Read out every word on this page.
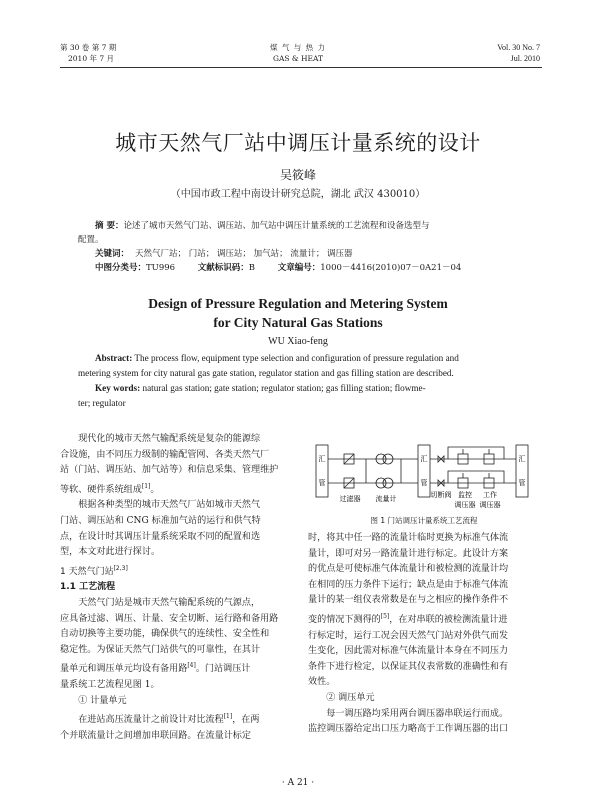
第 30 卷 第 7 期
2010 年 7 月
煤 气 与 热 力
GAS & HEAT
Vol. 30 No. 7
Jul. 2010
城市天然气厂站中调压计量系统的设计
吴筱峰
（中国市政工程中南设计研究总院，湖北 武汉 430010）
摘 要：论述了城市天然气门站、调压站、加气站中调压计量系统的工艺流程和设备选型与
配置。
关键词： 天然气厂站； 门站； 调压站； 加气站； 流量计； 调压器
中图分类号：TU996	文献标识码：B	文章编号：1000－4416(2010)07－0A21－04
Design of Pressure Regulation and Metering System
for City Natural Gas Stations
WU Xiao-feng
Abstract: The process flow, equipment type selection and configuration of pressure regulation and
metering system for city natural gas gate station, regulator station and gas filling station are described.
Key words: natural gas station; gate station; regulator station; gas filling station; flowme-
ter; regulator

现代化的城市天然气输配系统是复杂的能源综
合设施，由不同压力级制的输配管网、各类天然气厂
站（门站、调压站、加气站等）和信息采集、管理维护
等软、硬件系统组成[1]。

根据各种类型的城市天然气厂站如城市天然气
门站、调压站和 CNG 标准加气站的运行和供气特
点，在设计时其调压计量系统采取不同的配置和选
型，本文对此进行探讨。

1 天然气门站[2,3]

1.1 工艺流程

天然气门站是城市天然气输配系统的气源点，
应具备过滤、调压、计量、安全切断、运行路和备用路
自动切换等主要功能，确保供气的连续性、安全性和
稳定性。为保证天然气门站供气的可靠性，在其计
量单元和调压单元均设有备用路[4]。门站调压计
量系统工艺流程见图 1。

① 计量单元

在进站高压流量计之前设计对比流程[1]，在两
个并联流量计之间增加串联回路。在流量计标定

汇
管
汇
管
汇
管
过滤器 流量计	切断阀 监控
调压器
工作
调压器
图 1 门站调压计量系统工艺流程

时，将其中任一路的流量计临时更换为标准气体流
量计，即可对另一路流量计进行标定。此设计方案
的优点是可使标准气体流量计和被检测的流量计均
在相同的压力条件下运行；缺点是由于标准气体流
量计的某一组仪表常数是在与之相应的操作条件不
变的情况下测得的[5]，在对串联的被检测流量计进
行标定时，运行工况会因天然气门站对外供气而发
生变化，因此需对标准气体流量计本身在不同压力
条件下进行检定，以保证其仪表常数的准确性和有
效性。

② 调压单元

每一调压路均采用两台调压器串联运行而成。
监控调压器给定出口压力略高于工作调压器的出口

· A 21 ·
